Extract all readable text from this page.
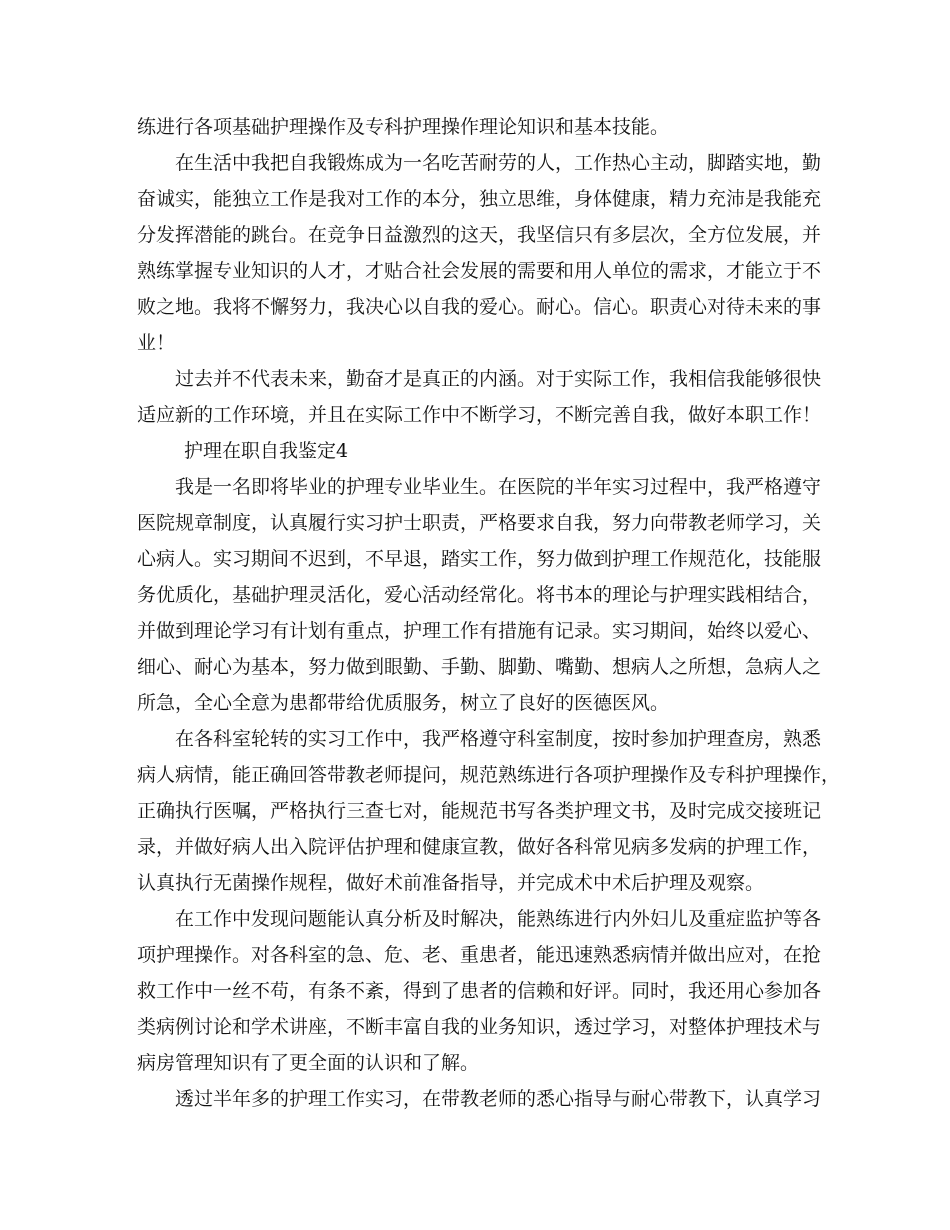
练进行各项基础护理操作及专科护理操作理论知识和基本技能。
在生活中我把自我锻炼成为一名吃苦耐劳的人，工作热心主动，脚踏实地，勤
奋诚实，能独立工作是我对工作的本分，独立思维，身体健康，精力充沛是我能充
分发挥潜能的跳台。在竞争日益激烈的这天，我坚信只有多层次，全方位发展，并
熟练掌握专业知识的人才，才贴合社会发展的需要和用人单位的需求，才能立于不
败之地。我将不懈努力，我决心以自我的爱心。耐心。信心。职责心对待未来的事
业！
过去并不代表未来，勤奋才是真正的内涵。对于实际工作，我相信我能够很快
适应新的工作环境，并且在实际工作中不断学习，不断完善自我，做好本职工作！
护理在职自我鉴定4
我是一名即将毕业的护理专业毕业生。在医院的半年实习过程中，我严格遵守
医院规章制度，认真履行实习护士职责，严格要求自我，努力向带教老师学习，关
心病人。实习期间不迟到，不早退，踏实工作，努力做到护理工作规范化，技能服
务优质化，基础护理灵活化，爱心活动经常化。将书本的理论与护理实践相结合，
并做到理论学习有计划有重点，护理工作有措施有记录。实习期间，始终以爱心、
细心、耐心为基本，努力做到眼勤、手勤、脚勤、嘴勤、想病人之所想，急病人之
所急，全心全意为患都带给优质服务，树立了良好的医德医风。
在各科室轮转的实习工作中，我严格遵守科室制度，按时参加护理查房，熟悉
病人病情，能正确回答带教老师提问，规范熟练进行各项护理操作及专科护理操作，
正确执行医嘱，严格执行三查七对，能规范书写各类护理文书，及时完成交接班记
录，并做好病人出入院评估护理和健康宣教，做好各科常见病多发病的护理工作，
认真执行无菌操作规程，做好术前准备指导，并完成术中术后护理及观察。
在工作中发现问题能认真分析及时解决，能熟练进行内外妇儿及重症监护等各
项护理操作。对各科室的急、危、老、重患者，能迅速熟悉病情并做出应对，在抢
救工作中一丝不苟，有条不紊，得到了患者的信赖和好评。同时，我还用心参加各
类病例讨论和学术讲座，不断丰富自我的业务知识，透过学习，对整体护理技术与
病房管理知识有了更全面的认识和了解。
透过半年多的护理工作实习，在带教老师的悉心指导与耐心带教下，认真学习
